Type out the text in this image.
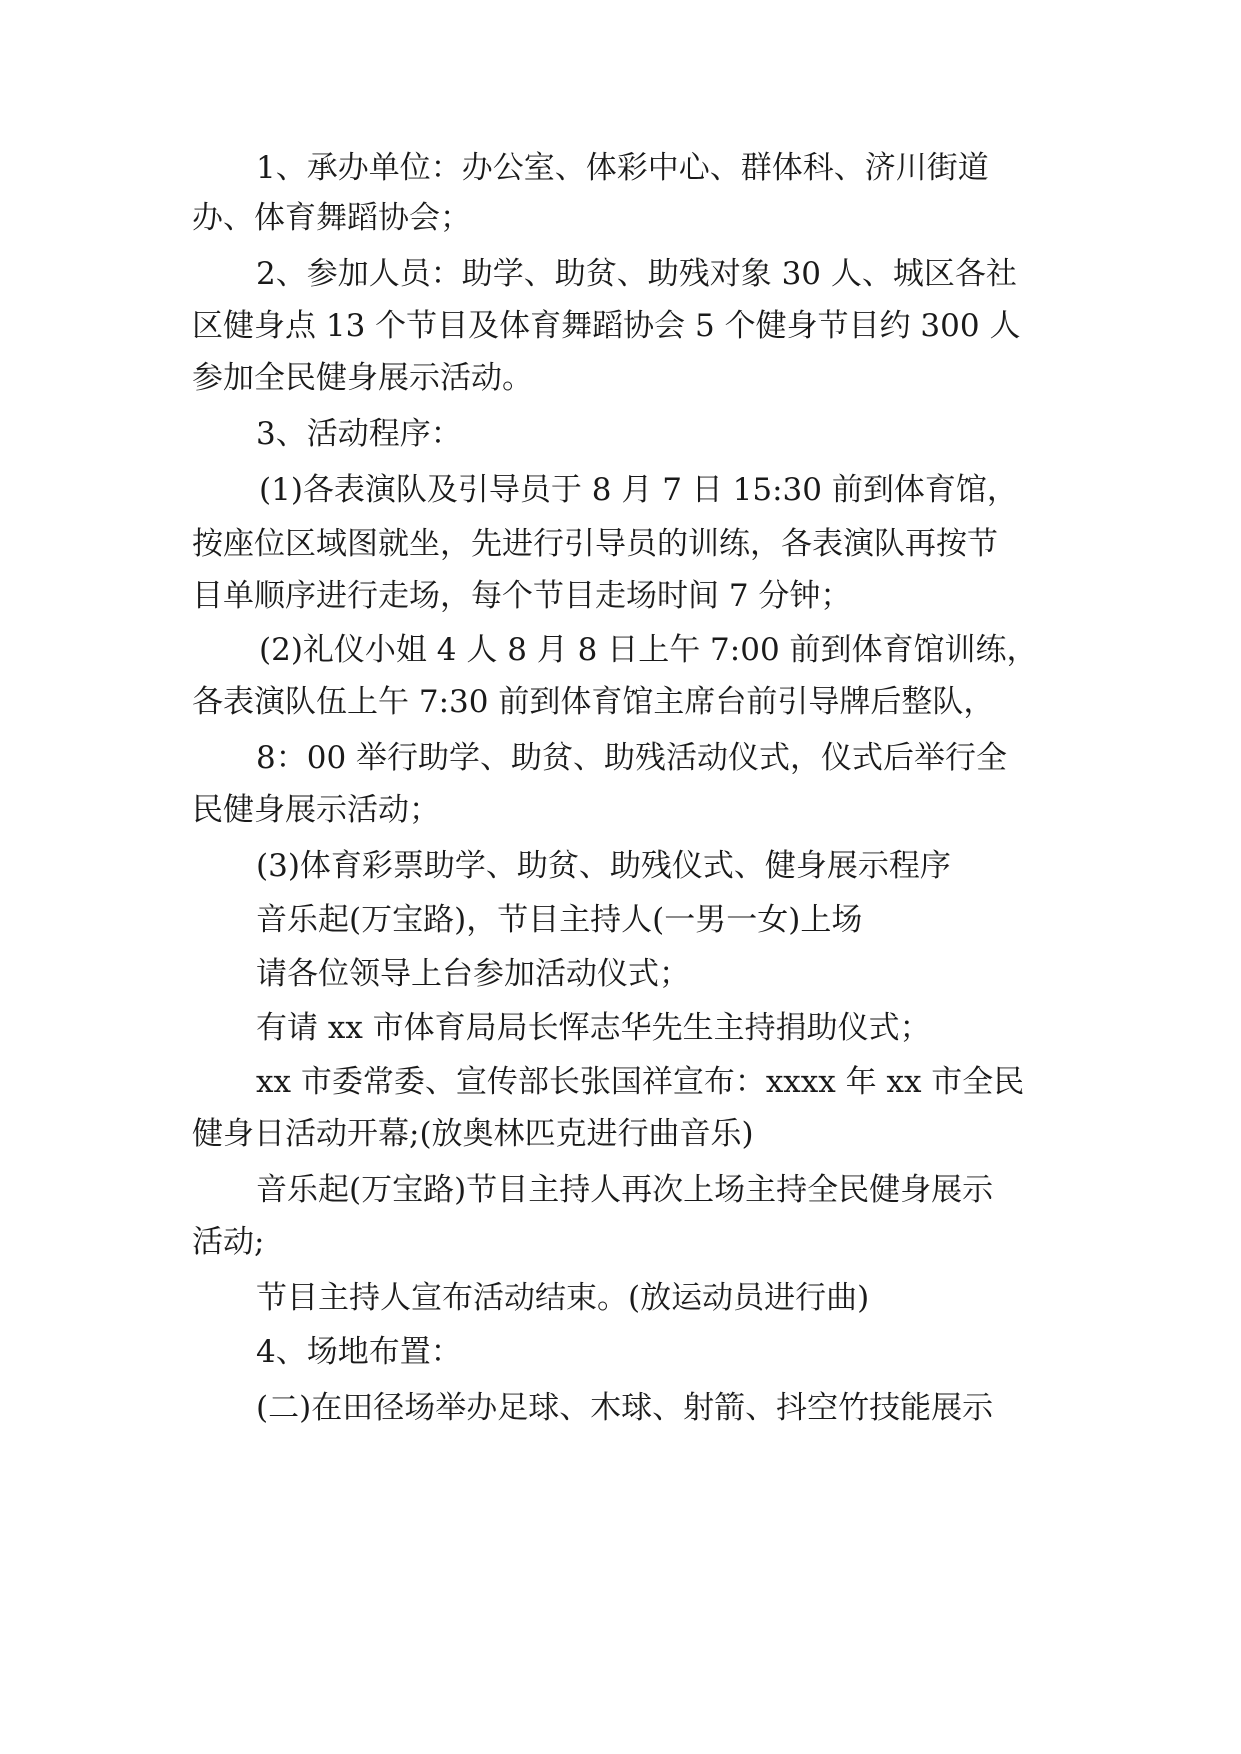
1、承办单位：办公室、体彩中心、群体科、济川街道
办、体育舞蹈协会；
2、参加人员：助学、助贫、助残对象 30 人、城区各社
区健身点 13 个节目及体育舞蹈协会 5 个健身节目约 300 人
参加全民健身展示活动。
3、活动程序：
(1)各表演队及引导员于 8 月 7 日 15:30 前到体育馆，
按座位区域图就坐，先进行引导员的训练，各表演队再按节
目单顺序进行走场，每个节目走场时间 7 分钟；
(2)礼仪小姐 4 人 8 月 8 日上午 7:00 前到体育馆训练，
各表演队伍上午 7:30 前到体育馆主席台前引导牌后整队，
8：00 举行助学、助贫、助残活动仪式，仪式后举行全
民健身展示活动；
(3)体育彩票助学、助贫、助残仪式、健身展示程序
音乐起(万宝路)，节目主持人(一男一女)上场
请各位领导上台参加活动仪式；
有请 xx 市体育局局长恽志华先生主持捐助仪式；
xx 市委常委、宣传部长张国祥宣布：xxxx 年 xx 市全民
健身日活动开幕;(放奥林匹克进行曲音乐)
音乐起(万宝路)节目主持人再次上场主持全民健身展示
活动;
节目主持人宣布活动结束。(放运动员进行曲)
4、场地布置：
(二)在田径场举办足球、木球、射箭、抖空竹技能展示
